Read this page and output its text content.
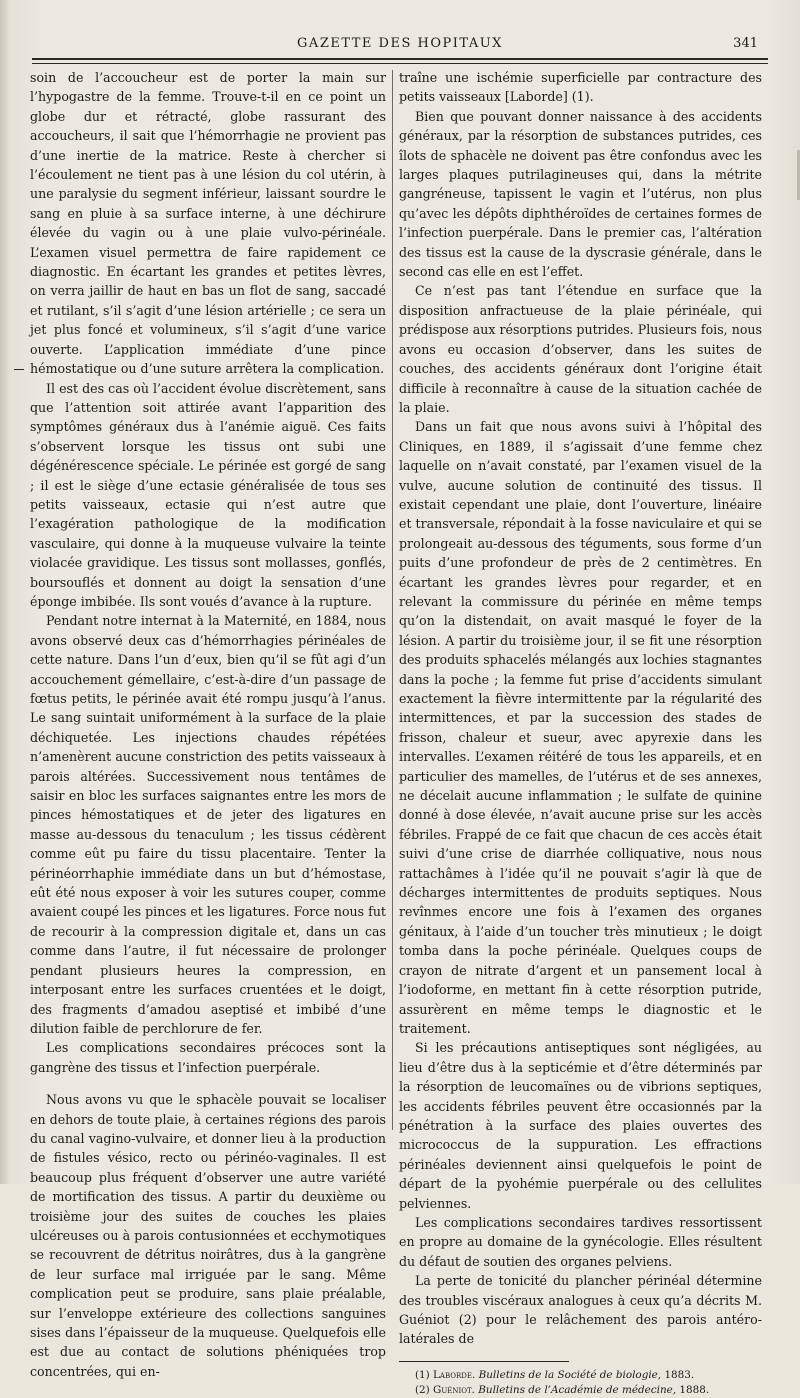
GAZETTE DES HOPITAUX	341

soin de l’accoucheur est de porter la main sur l’hypogastre de la femme. Trouve-t-il en ce point un globe dur et rétracté, globe rassurant des accoucheurs, il sait que l’hémorrhagie ne provient pas d’une inertie de la matrice. Reste à chercher si l’écoulement ne tient pas à une lésion du col utérin, à une paralysie du segment inférieur, laissant sourdre le sang en pluie à sa surface interne, à une déchirure élevée du vagin ou à une plaie vulvo-périnéale. L’examen visuel permettra de faire rapidement ce diagnostic. En écartant les grandes et petites lèvres, on verra jaillir de haut en bas un flot de sang, saccadé et rutilant, s’il s’agit d’une lésion artérielle ; ce sera un jet plus foncé et volumineux, s’il s’agit d’une varice ouverte. L’application immédiate d’une pince hémostatique ou d’une suture arrêtera la complication.

Il est des cas où l’accident évolue discrètement, sans que l’attention soit attirée avant l’apparition des symptômes généraux dus à l’anémie aiguë. Ces faits s’observent lorsque les tissus ont subi une dégénérescence spéciale. Le périnée est gorgé de sang ; il est le siège d’une ectasie généralisée de tous ses petits vaisseaux, ectasie qui n’est autre que l’exagération pathologique de la modification vasculaire, qui donne à la muqueuse vulvaire la teinte violacée gravidique. Les tissus sont mollasses, gonflés, boursouflés et donnent au doigt la sensation d’une éponge imbibée. Ils sont voués d’avance à la rupture.

Pendant notre internat à la Maternité, en 1884, nous avons observé deux cas d’hémorrhagies périnéales de cette nature. Dans l’un d’eux, bien qu’il se fût agi d’un accouchement gémellaire, c’est-à-dire d’un passage de fœtus petits, le périnée avait été rompu jusqu’à l’anus. Le sang suintait uniformément à la surface de la plaie déchiquetée. Les injections chaudes répétées n’amenèrent aucune constriction des petits vaisseaux à parois altérées. Successivement nous tentâmes de saisir en bloc les surfaces saignantes entre les mors de pinces hémostatiques et de jeter des ligatures en masse au-dessous du tenaculum ; les tissus cédèrent comme eût pu faire du tissu placentaire. Tenter la périnéorrhaphie immédiate dans un but d’hémostase, eût été nous exposer à voir les sutures couper, comme avaient coupé les pinces et les ligatures. Force nous fut de recourir à la compression digitale et, dans un cas comme dans l’autre, il fut nécessaire de prolonger pendant plusieurs heures la compression, en interposant entre les surfaces cruentées et le doigt, des fragments d’amadou aseptisé et imbibé d’une dilution faible de perchlorure de fer.

Les complications secondaires précoces sont la gangrène des tissus et l’infection puerpérale.

Nous avons vu que le sphacèle pouvait se localiser en dehors de toute plaie, à certaines régions des parois du canal vagino-vulvaire, et donner lieu à la production de fistules vésico, recto ou périnéo-vaginales. Il est beaucoup plus fréquent d’observer une autre variété de mortification des tissus. A partir du deuxième ou troisième jour des suites de couches les plaies ulcéreuses ou à parois contusionnées et ecchymotiques se recouvrent de détritus noirâtres, dus à la gangrène de leur surface mal irriguée par le sang. Même complication peut se produire, sans plaie préalable, sur l’enveloppe extérieure des collections sanguines sises dans l’épaisseur de la muqueuse. Quelquefois elle est due au contact de solutions phéniquées trop concentrées, qui en-

traîne une ischémie superficielle par contracture des petits vaisseaux [Laborde] (1).

Bien que pouvant donner naissance à des accidents généraux, par la résorption de substances putrides, ces îlots de sphacèle ne doivent pas être confondus avec les larges plaques putrilagineuses qui, dans la métrite gangréneuse, tapissent le vagin et l’utérus, non plus qu’avec les dépôts diphthéroïdes de certaines formes de l’infection puerpérale. Dans le premier cas, l’altération des tissus est la cause de la dyscrasie générale, dans le second cas elle en est l’effet.

Ce n’est pas tant l’étendue en surface que la disposition anfractueuse de la plaie périnéale, qui prédispose aux résorptions putrides. Plusieurs fois, nous avons eu occasion d’observer, dans les suites de couches, des accidents généraux dont l’origine était difficile à reconnaître à cause de la situation cachée de la plaie.

Dans un fait que nous avons suivi à l’hôpital des Cliniques, en 1889, il s’agissait d’une femme chez laquelle on n’avait constaté, par l’examen visuel de la vulve, aucune solution de continuité des tissus. Il existait cependant une plaie, dont l’ouverture, linéaire et transversale, répondait à la fosse naviculaire et qui se prolongeait au-dessous des téguments, sous forme d’un puits d’une profondeur de près de 2 centimètres. En écartant les grandes lèvres pour regarder, et en relevant la commissure du périnée en même temps qu’on la distendait, on avait masqué le foyer de la lésion. A partir du troisième jour, il se fit une résorption des produits sphacelés mélangés aux lochies stagnantes dans la poche ; la femme fut prise d’accidents simulant exactement la fièvre intermittente par la régularité des intermittences, et par la succession des stades de frisson, chaleur et sueur, avec apyrexie dans les intervalles. L’examen réitéré de tous les appareils, et en particulier des mamelles, de l’utérus et de ses annexes, ne décelait aucune inflammation ; le sulfate de quinine donné à dose élevée, n’avait aucune prise sur les accès fébriles. Frappé de ce fait que chacun de ces accès était suivi d’une crise de diarrhée colliquative, nous nous rattachâmes à l’idée qu’il ne pouvait s’agir là que de décharges intermittentes de produits septiques. Nous revînmes encore une fois à l’examen des organes génitaux, à l’aide d’un toucher très minutieux ; le doigt tomba dans la poche périnéale. Quelques coups de crayon de nitrate d’argent et un pansement local à l’iodoforme, en mettant fin à cette résorption putride, assurèrent en même temps le diagnostic et le traitement.

Si les précautions antiseptiques sont négligées, au lieu d’être dus à la septicémie et d’être déterminés par la résorption de leucomaïnes ou de vibrions septiques, les accidents fébriles peuvent être occasionnés par la pénétration à la surface des plaies ouvertes des micrococcus de la suppuration. Les effractions périnéales deviennent ainsi quelquefois le point de départ de la pyohémie puerpérale ou des cellulites pelviennes.

Les complications secondaires tardives ressortissent en propre au domaine de la gynécologie. Elles résultent du défaut de soutien des organes pelviens.

La perte de tonicité du plancher périnéal détermine des troubles viscéraux analogues à ceux qu’a décrits M. Guéniot (2) pour le relâchement des parois antéro-latérales de

(1) Laborde. Bulletins de la Société de biologie, 1883.
(2) Guéniot. Bulletins de l’Académie de médecine, 1888.
